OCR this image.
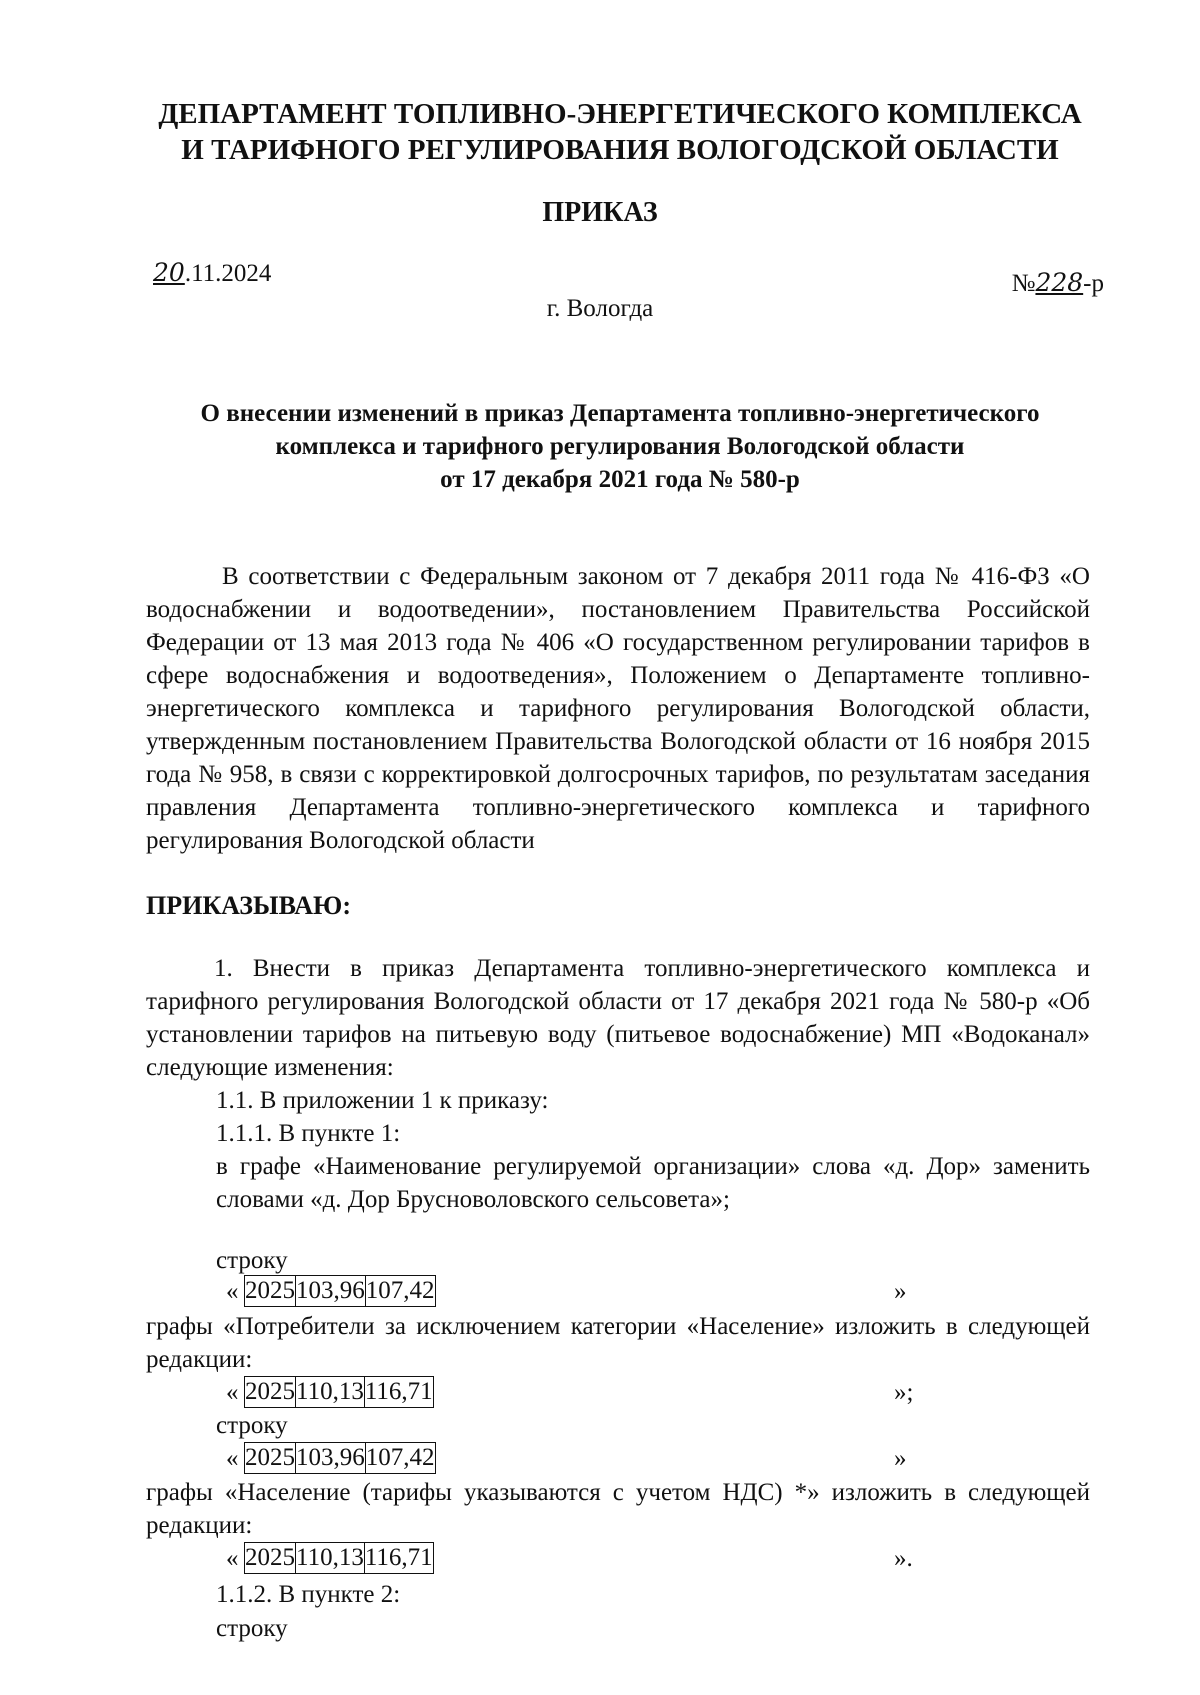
ДЕПАРТАМЕНТ ТОПЛИВНО-ЭНЕРГЕТИЧЕСКОГО КОМПЛЕКСА
И ТАРИФНОГО РЕГУЛИРОВАНИЯ ВОЛОГОДСКОЙ ОБЛАСТИ
ПРИКАЗ
20.11.2024	№228-р
г. Вологда
О внесении изменений в приказ Департамента топливно-энергетического
комплекса и тарифного регулирования Вологодской области
от 17 декабря 2021 года № 580-р
В соответствии с Федеральным законом от 7 декабря 2011 года № 416-ФЗ «О водоснабжении и водоотведении», постановлением Правительства Российской Федерации от 13 мая 2013 года № 406 «О государственном регулировании тарифов в сфере водоснабжения и водоотведения», Положением о Департаменте топливно-энергетического комплекса и тарифного регулирования Вологодской области, утвержденным постановлением Правительства Вологодской области от 16 ноября 2015 года № 958, в связи с корректировкой долгосрочных тарифов, по результатам заседания правления Департамента топливно-энергетического комплекса и тарифного регулирования Вологодской области
ПРИКАЗЫВАЮ:
1. Внести в приказ Департамента топливно-энергетического комплекса и тарифного регулирования Вологодской области от 17 декабря 2021 года № 580-р «Об установлении тарифов на питьевую воду (питьевое водоснабжение) МП «Водоканал» следующие изменения:
1.1. В приложении 1 к приказу:
1.1.1. В пункте 1:
в графе «Наименование регулируемой организации» слова «д. Дор» заменить словами «д. Дор Брусноволовского сельсовета»;
строку
« 2025	103,96	107,42	»
графы «Потребители за исключением категории «Население» изложить в следующей редакции:
« 2025	110,13	116,71	»;
строку
« 2025	103,96	107,42	»
графы «Население (тарифы указываются с учетом НДС) *» изложить в следующей редакции:
« 2025	110,13	116,71	».
1.1.2. В пункте 2:
строку
